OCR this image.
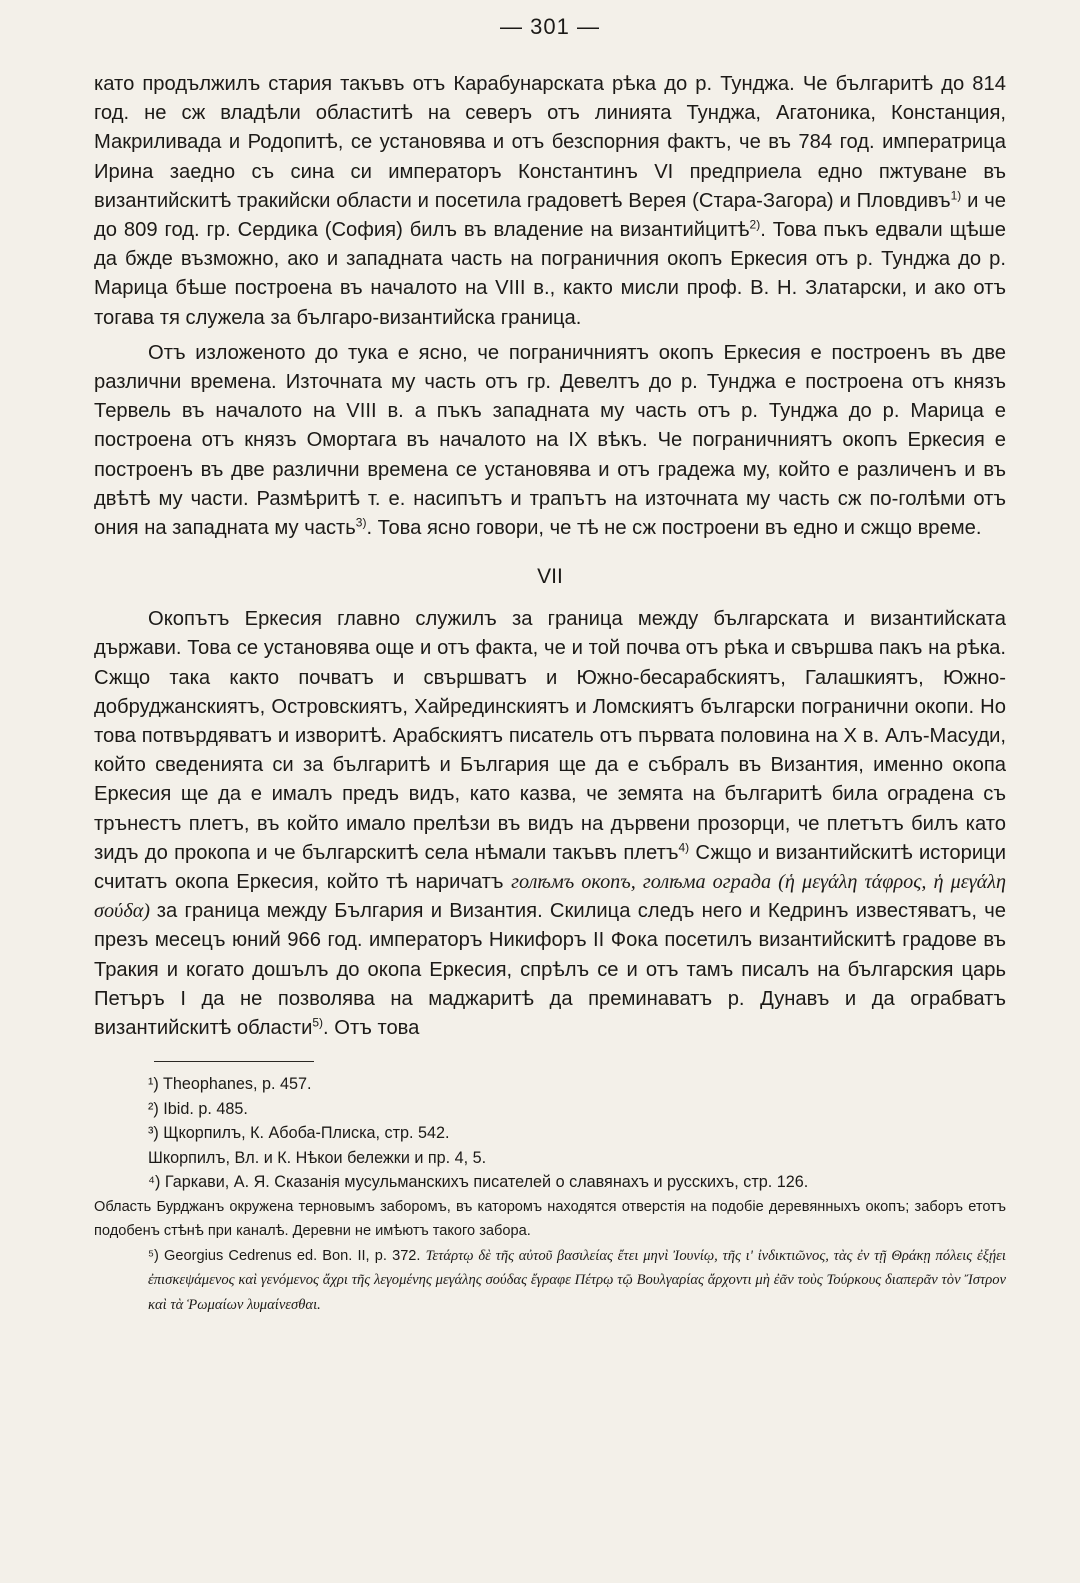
— 301 —

като продължилъ стария такъвъ отъ Карабунарската рѣка до р. Тунджа. Че българитѣ до 814 год. не сж владѣли областитѣ на северъ отъ линията Тунджа, Агатоника, Констанция, Макриливада и Родопитѣ, се установява и отъ безспорния фактъ, че въ 784 год. императрица Ирина заедно съ сина си императоръ Константинъ VI предприела едно пжтуване въ византийскитѣ тракийски области и посетила градоветѣ Верея (Стара-Загора) и Пловдивъ$^{1)}$ и че до 809 год. гр. Сердика (София) билъ въ владение на византийцитѣ$^{2)}$. Това пъкъ едвали щѣше да бжде възможно, ако и западната часть на пограничния окопъ Еркесия отъ р. Тунджа до р. Марица бѣше построена въ началото на VIII в., както мисли проф. В. Н. Златарски, и ако отъ тогава тя служела за българо-византийска граница.

Отъ изложеното до тука е ясно, че пограничниятъ окопъ Еркесия е построенъ въ две различни времена. Източната му часть отъ гр. Девелтъ до р. Тунджа е построена отъ князъ Тервель въ началото на VIII в. а пъкъ западната му часть отъ р. Тунджа до р. Марица е построена отъ князъ Омортага въ началото на IX вѣкъ. Че пограничниятъ окопъ Еркесия е построенъ въ две различни времена се установява и отъ градежа му, който е различенъ и въ двѣтѣ му части. Размѣритѣ т. е. насипътъ и трапътъ на източната му часть сж по-голѣми отъ ония на западната му часть$^{3)}$. Това ясно говори, че тѣ не сж построени въ едно и сжщо време.

VII

Окопътъ Еркесия главно служилъ за граница между българската и византийската държави. Това се установява още и отъ факта, че и той почва отъ рѣка и свършва пакъ на рѣка. Сжщо така както почватъ и свършватъ и Южно-бесарабскиятъ, Галашкиятъ, Южно-добруджанскиятъ, Островскиятъ, Хайрединскиятъ и Ломскиятъ български погранични окопи. Но това потвърдяватъ и изворитѣ. Арабскиятъ писатель отъ първата половина на X в. Алъ-Масуди, който сведенията си за българитѣ и България ще да е събралъ въ Византия, именно окопа Еркесия ще да е ималъ предъ видъ, като казва, че земята на българитѣ била оградена съ трънестъ плетъ, въ който имало прелѣзи въ видъ на дървени прозорци, че плетътъ билъ като зидъ до прокопа и че българскитѣ села нѣмали такъвъ плетъ$^{4)}$ Сжщо и византийскитѣ историци считатъ окопа Еркесия, който тѣ наричатъ голѣмъ окопъ, голѣма ограда (ἡ μεγάλη τάφρος, ἡ μεγάλη σούδα) за граница между България и Византия. Скилица следъ него и Кедринъ известяватъ, че презъ месецъ юний 966 год. императоръ Никифоръ II Фока посетилъ византийскитѣ градове въ Тракия и когато дошълъ до окопа Еркесия, спрѣлъ се и отъ тамъ писалъ на българския царь Петъръ I да не позволява на маджаритѣ да преминаватъ р. Дунавъ и да ограбватъ византийскитѣ области$^{5)}$. Отъ това

¹) Theophanes, p. 457.

²) Ibid. p. 485.

³) Щкорпилъ, К. Абоба-Плиска, стр. 542.

Шкорпилъ, Вл. и К. Нѣкои бележки и пр. 4, 5.

⁴) Гаркави, А. Я. Сказанія мусульманскихъ писателей о славянахъ и русскихъ, стр. 126.

Область Бурджанъ окружена терновымъ заборомъ, въ каторомъ находятся отверстія на подобіе деревянныхъ окопъ; заборъ етотъ подобенъ стѣнѣ при каналѣ. Деревни не имѣютъ такого забора.

⁵) Georgius Cedrenus ed. Bon. II, p. 372. Τετάρτῳ δὲ τῆς αὐτοῦ βασιλείας ἔτει μηνὶ Ἰουνίῳ, τῆς ιʹ ἰνδικτιῶνος, τὰς ἐν τῇ Θράκῃ πόλεις ἐξῄει ἐπισκεψάμενος καὶ γενόμενος ἄχρι τῆς λεγομένης μεγάλης σούδας ἔγραφε Πέτρῳ τῷ Βουλγαρίας ἄρχοντι μὴ ἐᾶν τοὺς Τούρκους διαπερᾶν τὸν Ἴστρον καὶ τὰ Ῥωμαίων λυμαίνεσθαι.
